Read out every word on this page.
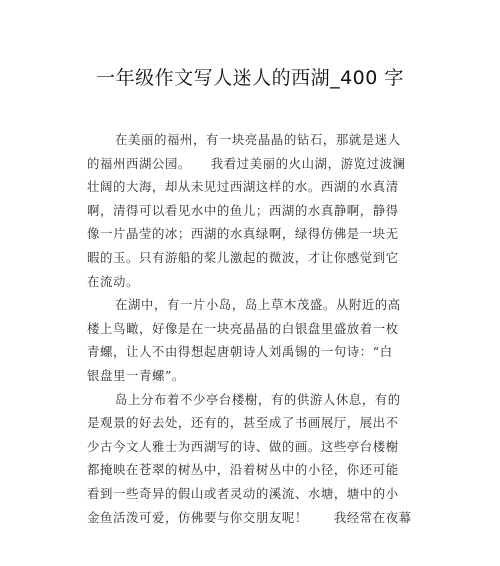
一年级作文写人迷人的西湖_400 字
在美丽的福州，有一块亮晶晶的钻石，那就是迷人
的福州西湖公园。　　我看过美丽的火山湖，游览过波澜
壮阔的大海，却从未见过西湖这样的水。西湖的水真清
啊，清得可以看见水中的鱼儿；西湖的水真静啊，静得
像一片晶莹的冰；西湖的水真绿啊，绿得仿佛是一块无
暇的玉。只有游船的桨儿激起的微波，才让你感觉到它
在流动。
在湖中，有一片小岛，岛上草木茂盛。从附近的高
楼上鸟瞰，好像是在一块亮晶晶的白银盘里盛放着一枚
青螺，让人不由得想起唐朝诗人刘禹锡的一句诗：“白
银盘里一青螺”。
岛上分布着不少亭台楼榭，有的供游人休息，有的
是观景的好去处，还有的，甚至成了书画展厅，展出不
少古今文人雅士为西湖写的诗、做的画。这些亭台楼榭
都掩映在苍翠的树丛中，沿着树丛中的小径，你还可能
看到一些奇异的假山或者灵动的溪流、水塘，塘中的小
金鱼活泼可爱，仿佛要与你交朋友呢！　　我经常在夜幕
